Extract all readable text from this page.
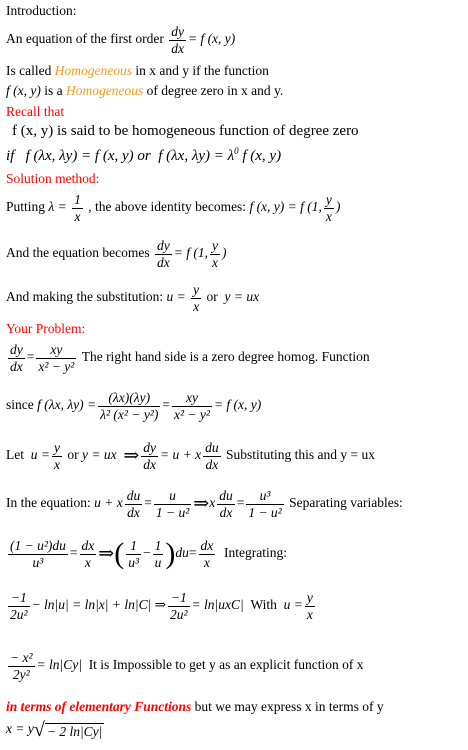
Introduction:
An equation of the first order $\frac{dy}{dx} = f$ (x, y)
Is called Homogeneous in x and y if the function
f (x, y) is a Homogeneous of degree zero in x and y.
Recall that
f (x, y) is said to be homogeneous function of degree zero
if f (λx, λy) = f (x, y) or f (λx, $\lambda y) = \lambda^0$ f (x, y)
Solution method:
Putting $\lambda = \frac{1}{x}$ , the above identity becomes: f (x, y) = f (1, $\frac{y}{x}$ )
And the equation becomes $\frac{dy}{dx} = f$ (1, $\frac{y}{x}$ )
And making the substitution: $u = \frac{y}{x}$ or y = ux
Your Problem:
$\frac{dy}{dx} = \frac{xy}{\text{x² − y²}}$ The right hand side is a zero degree homog. Function
since f (λx, $\lambda y) = \frac{(\lambda x)(\lambda y)}{\text{λ² (x² − y²)}} = \frac{xy}{\text{x² − y²}} = f$ (x, y)
Let $u = \frac{y}{x}$ or y = ux ⇒ $\frac{dy}{dx} = u + x \frac{du}{dx}$ Substituting this and y = ux
In the equation: u + x $\frac{du}{dx} = \frac{u}{\text{1 − u²}}$ ⇒x $\frac{du}{dx} = \frac{\text{u³}}{\text{1 − u²}}$ Separating variables:
$\frac{\text{(1 − u²)du}}{\text{u³}} = \frac{dx}{x}$ ⇒( $\frac{1}{\text{u³}} - \frac{1}{u} )du= \frac{dx}{x}$ Integrating:
$\frac{-1}{\text{2u²}} - \ln|u| = \ln|x| + \ln|C|$ ⇒ $\frac{-1}{\text{2u²}} = \ln|uxC|$ With $u = \frac{y}{x}$
$\frac{\text{− x²}}{\text{2y²}} = \ln|Cy|$ It is Impossible to get y as an explicit function of x
in terms of elementary Functions but we may express x in terms of y
x = y√ − 2 ln|Cy|
